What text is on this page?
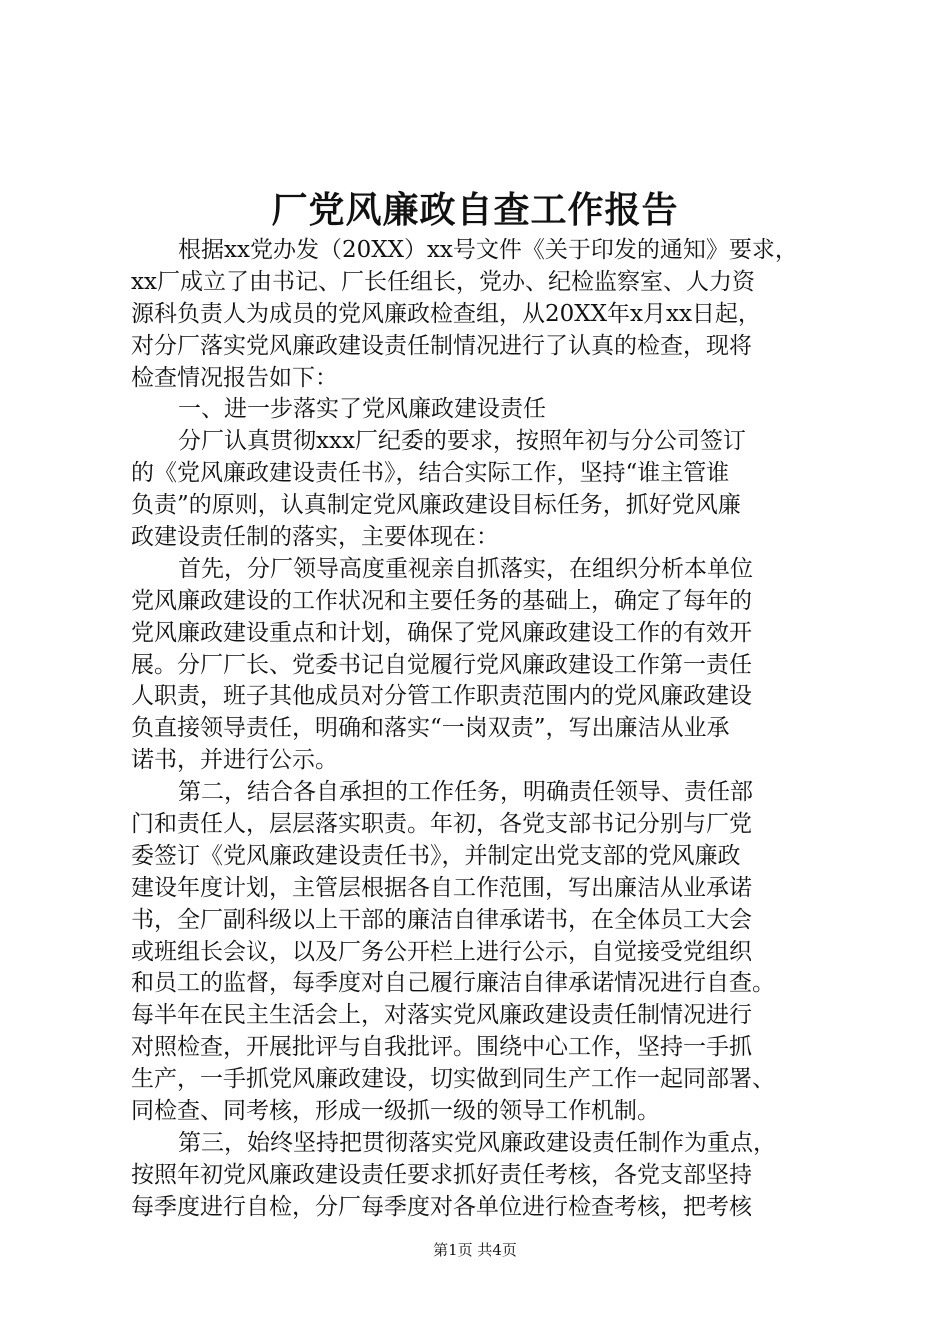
厂党风廉政自查工作报告
根据xx党办发（20XX）xx号文件《关于印发的通知》要求，
xx厂成立了由书记、厂长任组长，党办、纪检监察室、人力资
源科负责人为成员的党风廉政检查组，从20XX年x月xx日起，
对分厂落实党风廉政建设责任制情况进行了认真的检查，现将
检查情况报告如下：
一、进一步落实了党风廉政建设责任
分厂认真贯彻xxx厂纪委的要求，按照年初与分公司签订
的《党风廉政建设责任书》，结合实际工作，坚持“谁主管谁
负责”的原则，认真制定党风廉政建设目标任务，抓好党风廉
政建设责任制的落实，主要体现在：
首先，分厂领导高度重视亲自抓落实，在组织分析本单位
党风廉政建设的工作状况和主要任务的基础上，确定了每年的
党风廉政建设重点和计划，确保了党风廉政建设工作的有效开
展。分厂厂长、党委书记自觉履行党风廉政建设工作第一责任
人职责，班子其他成员对分管工作职责范围内的党风廉政建设
负直接领导责任，明确和落实“一岗双责”，写出廉洁从业承
诺书，并进行公示。
第二，结合各自承担的工作任务，明确责任领导、责任部
门和责任人，层层落实职责。年初，各党支部书记分别与厂党
委签订《党风廉政建设责任书》，并制定出党支部的党风廉政
建设年度计划，主管层根据各自工作范围，写出廉洁从业承诺
书，全厂副科级以上干部的廉洁自律承诺书，在全体员工大会
或班组长会议，以及厂务公开栏上进行公示，自觉接受党组织
和员工的监督，每季度对自己履行廉洁自律承诺情况进行自查。
每半年在民主生活会上，对落实党风廉政建设责任制情况进行
对照检查，开展批评与自我批评。围绕中心工作，坚持一手抓
生产，一手抓党风廉政建设，切实做到同生产工作一起同部署、
同检查、同考核，形成一级抓一级的领导工作机制。
第三，始终坚持把贯彻落实党风廉政建设责任制作为重点，
按照年初党风廉政建设责任要求抓好责任考核，各党支部坚持
每季度进行自检，分厂每季度对各单位进行检查考核，把考核
第1页 共4页
